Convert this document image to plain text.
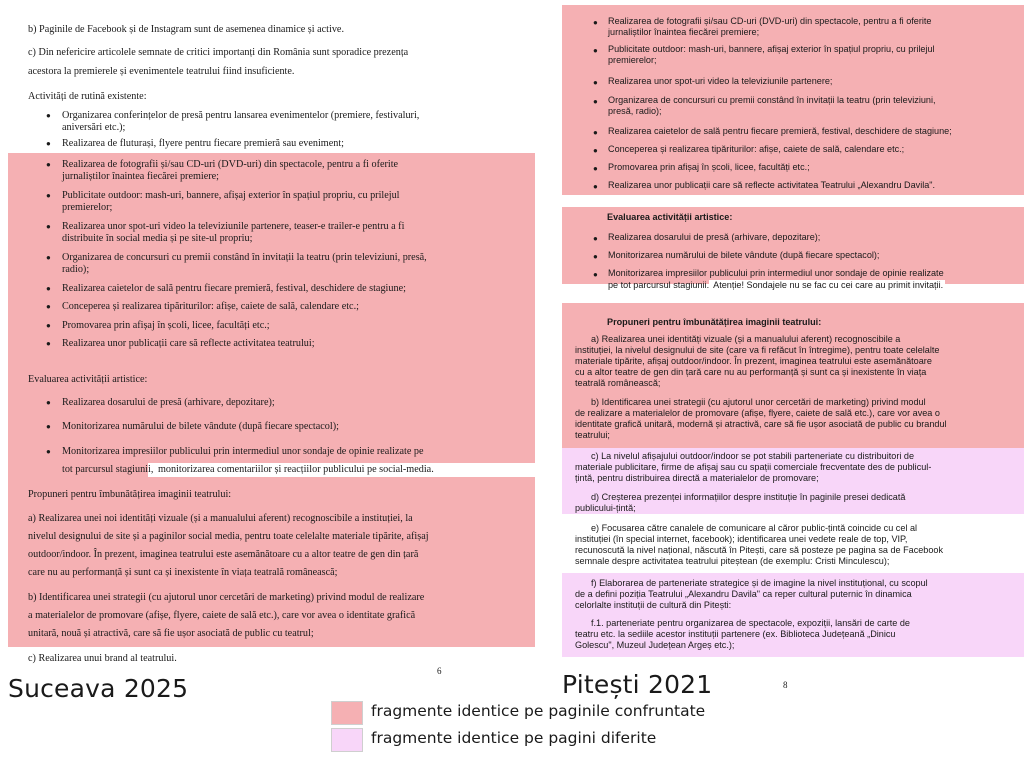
b) Paginile de Facebook și de Instagram sunt de asemenea dinamice și active.
c) Din nefericire articolele semnate de critici importanți din România sunt sporadice prezența
acestora la premierele și evenimentele teatrului fiind insuficiente.
Activități de rutină existente:
● Organizarea conferințelor de presă pentru lansarea evenimentelor (premiere, festivaluri,
aniversări etc.);
● Realizarea de fluturași, flyere pentru fiecare premieră sau eveniment;
● Realizarea de fotografii și/sau CD-uri (DVD-uri) din spectacole, pentru a fi oferite
jurnaliștilor înaintea fiecărei premiere;
● Publicitate outdoor: mash-uri, bannere, afișaj exterior în spațiul propriu, cu prilejul
premierelor;
● Realizarea unor spot-uri video la televiziunile partenere, teaser-e trailer-e pentru a fi
distribuite în social media și pe site-ul propriu;
● Organizarea de concursuri cu premii constând în invitații la teatru (prin televiziuni, presă,
radio);
● Realizarea caietelor de sală pentru fiecare premieră, festival, deschidere de stagiune;
● Conceperea și realizarea tipăriturilor: afișe, caiete de sală, calendare etc.;
● Promovarea prin afișaj în școli, licee, facultăți etc.;
● Realizarea unor publicații care să reflecte activitatea teatrului;
Evaluarea activității artistice:
● Realizarea dosarului de presă (arhivare, depozitare);
● Monitorizarea numărului de bilete vândute (după fiecare spectacol);
● Monitorizarea impresiilor publicului prin intermediul unor sondaje de opinie realizate pe
tot parcursul stagiunii, monitorizarea comentariilor și reacțiilor publicului pe social-media.
Propuneri pentru îmbunătățirea imaginii teatrului:
a) Realizarea unei noi identități vizuale (și a manualului aferent) recognoscibile a instituției, la
nivelul designului de site și a paginilor social media, pentru toate celelalte materiale tipărite, afișaj
outdoor/indoor. În prezent, imaginea teatrului este asemănătoare cu a altor teatre de gen din țară
care nu au performanță și sunt ca și inexistente în viața teatrală românească;
b) Identificarea unei strategii (cu ajutorul unor cercetări de marketing) privind modul de realizare
a materialelor de promovare (afișe, flyere, caiete de sală etc.), care vor avea o identitate grafică
unitară, nouă și atractivă, care să fie ușor asociată de public cu teatrul;
c) Realizarea unui brand al teatrului.
6
● Realizarea de fotografii și/sau CD-uri (DVD-uri) din spectacole, pentru a fi oferite
jurnaliștilor înaintea fiecărei premiere;
● Publicitate outdoor: mash-uri, bannere, afișaj exterior în spațiul propriu, cu prilejul
premierelor;
● Realizarea unor spot-uri video la televiziunile partenere;
● Organizarea de concursuri cu premii constând în invitații la teatru (prin televiziuni,
presă, radio);
● Realizarea caietelor de sală pentru fiecare premieră, festival, deschidere de stagiune;
● Conceperea și realizarea tipăriturilor: afișe, caiete de sală, calendare etc.;
● Promovarea prin afișaj în școli, licee, facultăți etc.;
● Realizarea unor publicații care să reflecte activitatea Teatrului „Alexandru Davila".
Evaluarea activității artistice:
● Realizarea dosarului de presă (arhivare, depozitare);
● Monitorizarea numărului de bilete vândute (după fiecare spectacol);
● Monitorizarea impresiilor publicului prin intermediul unor sondaje de opinie realizate
pe tot parcursul stagiunii. Atenție! Sondajele nu se fac cu cei care au primit invitații.
Propuneri pentru îmbunătățirea imaginii teatrului:
a) Realizarea unei identități vizuale (și a manualului aferent) recognoscibile a
instituției, la nivelul designului de site (care va fi refăcut în întregime), pentru toate celelalte
materiale tipărite, afișaj outdoor/indoor. În prezent, imaginea teatrului este asemănătoare
cu a altor teatre de gen din țară care nu au performanță și sunt ca și inexistente în viața
teatrală românească;
b) Identificarea unei strategii (cu ajutorul unor cercetări de marketing) privind modul
de realizare a materialelor de promovare (afișe, flyere, caiete de sală etc.), care vor avea o
identitate grafică unitară, modernă și atractivă, care să fie ușor asociată de public cu brandul
teatrului;
c) La nivelul afișajului outdoor/indoor se pot stabili parteneriate cu distribuitori de
materiale publicitare, firme de afișaj sau cu spații comerciale frecventate des de publicul-
țintă, pentru distribuirea directă a materialelor de promovare;
d) Creșterea prezenței informațiilor despre instituție în paginile presei dedicată
publicului-țintă;
e) Focusarea către canalele de comunicare al căror public-țintă coincide cu cel al
instituției (în special internet, facebook); identificarea unei vedete reale de top, VIP,
recunoscută la nivel național, născută în Pitești, care să posteze pe pagina sa de Facebook
semnale despre activitatea teatrului piteștean (de exemplu: Cristi Minculescu);
f) Elaborarea de parteneriate strategice și de imagine la nivel instituțional, cu scopul
de a defini poziția Teatrului „Alexandru Davila" ca reper cultural puternic în dinamica
celorlalte instituții de cultură din Pitești:
f.1. parteneriate pentru organizarea de spectacole, expoziții, lansări de carte de
teatru etc. la sediile acestor instituții partenere (ex. Biblioteca Județeană „Dinicu
Golescu", Muzeul Județean Argeș etc.);
8
Suceava 2025	Pitești 2021
fragmente identice pe paginile confruntate
fragmente identice pe pagini diferite
